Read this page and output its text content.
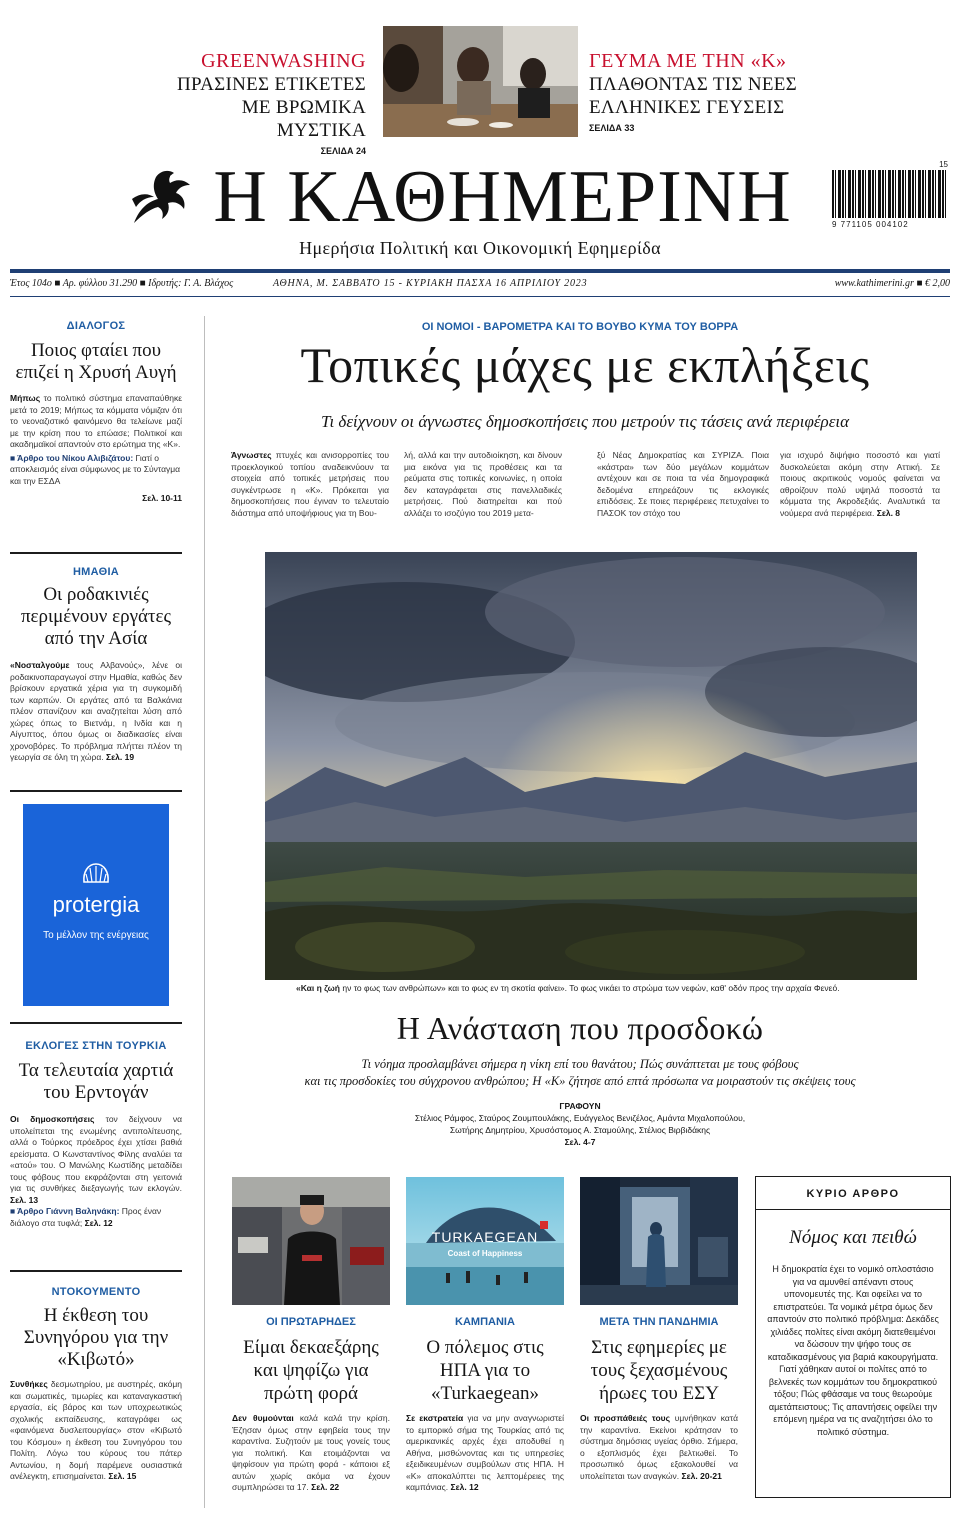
GREENWASHING
ΠΡΑΣΙΝΕΣ ΕΤΙΚΕΤΕΣ
ΜΕ ΒΡΩΜΙΚΑ ΜΥΣΤΙΚΑ
ΣΕΛΙΔΑ 24
ΓΕΥΜΑ ΜΕ ΤΗΝ «Κ»
ΠΛΑΘΟΝΤΑΣ ΤΙΣ ΝΕΕΣ
ΕΛΛΗΝΙΚΕΣ ΓΕΥΣΕΙΣ
ΣΕΛΙΔΑ 33
Η ΚΑΘΗΜΕΡΙΝΗ
Ημερήσια Πολιτική και Οικονομική Εφημερίδα
15
9 771105 004102
Έτος 104ο ■ Αρ. φύλλου 31.290 ■ Ιδρυτής: Γ. Α. Βλάχος	ΑΘΗΝΑ, Μ. ΣΑΒΒΑΤΟ 15 - ΚΥΡΙΑΚΗ ΠΑΣΧΑ 16 ΑΠΡΙΛΙΟΥ 2023	www.kathimerini.gr ■ € 2,00
ΔΙΑΛΟΓΟΣ
Ποιος φταίει που επιζεί η Χρυσή Αυγή
Μήπως το πολιτικό σύστημα επαναπαύθηκε μετά το 2019; Μήπως τα κόμματα νόμιζαν ότι το νεοναζιστικό φαινόμενο θα τελείωνε μαζί με την κρίση που το επώασε; Πολιτικοί και ακαδημαϊκοί απαντούν στο ερώτημα της «Κ».
■ Άρθρο του Νίκου Αλιβιζάτου: Γιατί ο αποκλεισμός είναι σύμφωνος με το Σύνταγμα και την ΕΣΔΑ
Σελ. 10-11
ΗΜΑΘΙΑ
Οι ροδακινιές περιμένουν εργάτες από την Ασία
«Νοσταλγούμε τους Αλβανούς», λένε οι ροδακινοπαραγωγοί στην Ημαθία, καθώς δεν βρίσκουν εργατικά χέρια για τη συγκομιδή των καρπών. Οι εργάτες από τα Βαλκάνια πλέον σπανίζουν και αναζητείται λύση από χώρες όπως το Βιετνάμ, η Ινδία και η Αίγυπτος, όπου όμως οι διαδικασίες είναι χρονοβόρες. Το πρόβλημα πλήττει πλέον τη γεωργία σε όλη τη χώρα. Σελ. 19
protergia
Το μέλλον της ενέργειας
ΕΚΛΟΓΕΣ ΣΤΗΝ ΤΟΥΡΚΙΑ
Τα τελευταία χαρτιά του Ερντογάν
Οι δημοσκοπήσεις τον δείχνουν να υπολείπεται της ενωμένης αντιπολίτευσης, αλλά ο Τούρκος πρόεδρος έχει χτίσει βαθιά ερείσματα. Ο Κωνσταντίνος Φίλης αναλύει τα «ατού» του. Ο Μανώλης Κωστίδης μεταδίδει τους φόβους που εκφράζονται στη γειτονιά για τις συνθήκες διεξαγωγής των εκλογών. Σελ. 13
■ Άρθρο Γιάννη Βαληνάκη: Προς έναν διάλογο στα τυφλά; Σελ. 12
ΝΤΟΚΟΥΜΕΝΤΟ
Η έκθεση του Συνηγόρου για την «Κιβωτό»
Συνθήκες δεσμωτηρίου, με αυστηρές, ακόμη και σωματικές, τιμωρίες και καταναγκαστική εργασία, είς βάρος και των υποχρεωτικώς σχολικής εκπαίδευσης, καταγράφει ως «φαινόμενα δυσλειτουργίας» στον «Κιβωτό του Κόσμου» η έκθεση του Συνηγόρου του Πολίτη. Λόγω του κύρους του πάτερ Αντωνίου, η δομή παρέμενε ουσιαστικά ανέλεγκτη, επισημαίνεται. Σελ. 15
ΟΙ ΝΟΜΟΙ - ΒΑΡΟΜΕΤΡΑ ΚΑΙ ΤΟ ΒΟΥΒΟ ΚΥΜΑ ΤΟΥ ΒΟΡΡΑ
Τοπικές μάχες με εκπλήξεις
Τι δείχνουν οι άγνωστες δημοσκοπήσεις που μετρούν τις τάσεις ανά περιφέρεια
Άγνωστες πτυχές και ανισορροπίες του προεκλογικού τοπίου αναδεικνύουν τα στοιχεία από τοπικές μετρήσεις που συγκέντρωσε η «Κ». Πρόκειται για δημοσκοπήσεις που έγιναν το τελευταίο διάστημα από υποψήφιους για τη Βου-
λή, αλλά και την αυτοδιοίκηση, και δίνουν μια εικόνα για τις προθέσεις και τα ρεύματα στις τοπικές κοινωνίες, η οποία δεν καταγράφεται στις πανελλαδικές μετρήσεις. Πού διατηρείται και πού αλλάζει το ισοζύγιο του 2019 μετα-
ξύ Νέας Δημοκρατίας και ΣΥΡΙΖΑ. Ποια «κάστρα» των δύο μεγάλων κομμάτων αντέχουν και σε ποια τα νέα δημογραφικά δεδομένα επηρεάζουν τις εκλογικές επιδόσεις. Σε ποιες περιφέρειες πετυχαίνει το ΠΑΣΟΚ τον στόχο του
για ισχυρό διψήφιο ποσοστό και γιατί δυσκολεύεται ακόμη στην Αττική. Σε ποιους ακριτικούς νομούς φαίνεται να αθροίζουν πολύ υψηλά ποσοστά τα κόμματα της Ακροδεξιάς. Αναλυτικά τα νούμερα ανά περιφέρεια. Σελ. 8
«Και η ζωή ην το φως των ανθρώπων» και το φως εν τη σκοτία φαίνει». Το φως νικάει το στρώμα των νεφών, καθ' οδόν προς την αρχαία Φενεό.
Η Ανάσταση που προσδοκώ
Τι νόημα προσλαμβάνει σήμερα η νίκη επί του θανάτου; Πώς συνάπτεται με τους φόβους
και τις προσδοκίες του σύγχρονου ανθρώπου; Η «Κ» ζήτησε από επτά πρόσωπα να μοιραστούν τις σκέψεις τους
ΓΡΑΦΟΥΝ
Στέλιος Ράμφος, Σταύρος Ζουμπουλάκης, Ευάγγελος Βενιζέλος, Αμάντα Μιχαλοπούλου,
Σωτήρης Δημητρίου, Χρυσόστομος Α. Σταμούλης, Στέλιος Βιρβιδάκης
Σελ. 4-7
ΟΙ ΠΡΩΤΑΡΗΔΕΣ
Είμαι δεκαεξάρης και ψηφίζω για πρώτη φορά
Δεν θυμούνται καλά καλά την κρίση. Έζησαν όμως στην εφηβεία τους την καραντίνα. Συζητούν με τους γονείς τους για πολιτική. Και ετοιμάζονται να ψηφίσουν για πρώτη φορά - κάποιοι εξ αυτών χωρίς ακόμα να έχουν συμπληρώσει τα 17. Σελ. 22
TURKAEGEAN
Coast of Happiness
ΚΑΜΠΑΝΙΑ
Ο πόλεμος στις ΗΠΑ για το «Turkaegean»
Σε εκστρατεία για να μην αναγνωριστεί το εμπορικό σήμα της Τουρκίας από τις αμερικανικές αρχές έχει αποδυθεί η Αθήνα, μισθώνοντας και τις υπηρεσίες εξειδικευμένων συμβούλων στις ΗΠΑ. Η «Κ» αποκαλύπτει τις λεπτομέρειες της καμπάνιας. Σελ. 12
ΜΕΤΑ ΤΗΝ ΠΑΝΔΗΜΙΑ
Στις εφημερίες με τους ξεχασμένους ήρωες του ΕΣΥ
Οι προσπάθειές τους υμνήθηκαν κατά την καραντίνα. Εκείνοι κράτησαν το σύστημα δημόσιας υγείας όρθιο. Σήμερα, ο εξοπλισμός έχει βελτιωθεί. Το προσωπικό όμως εξακολουθεί να υπολείπεται των αναγκών. Σελ. 20-21
ΚΥΡΙΟ ΑΡΘΡΟ
Νόμος και πειθώ
Η δημοκρατία έχει το νομικό οπλοστάσιο για να αμυνθεί απέναντι στους υπονομευτές της. Και οφείλει να το επιστρατεύει. Τα νομικά μέτρα όμως δεν απαντούν στο πολιτικό πρόβλημα: Δεκάδες χιλιάδες πολίτες είναι ακόμη διατεθειμένοι να δώσουν την ψήφο τους σε καταδικασμένους για βαριά κακουργήματα. Γιατί χάθηκαν αυτοί οι πολίτες από το βελνεκές των κομμάτων του δημοκρατικού τόξου; Πώς φθάσαμε να τους θεωρούμε αμετάπειστους; Τις απαντήσεις οφείλει την επόμενη ημέρα να τις αναζητήσει όλο το πολιτικό σύστημα.
